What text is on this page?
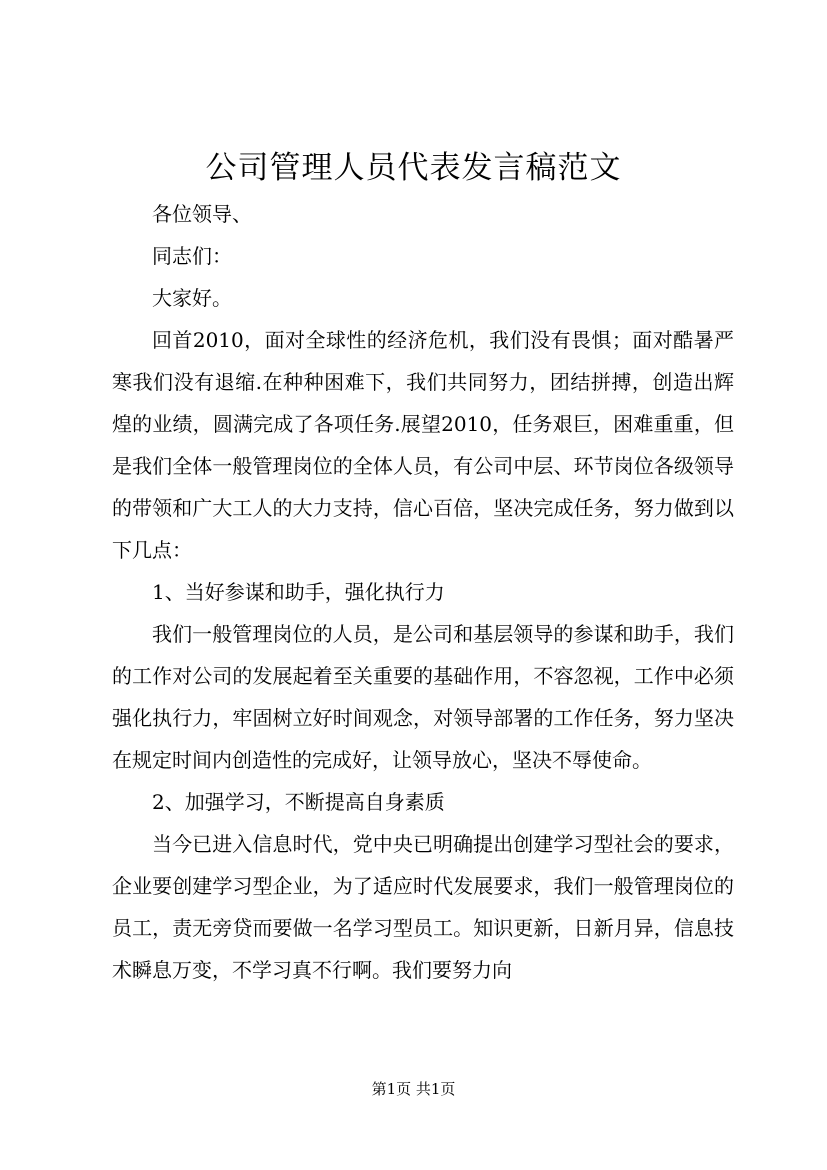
公司管理人员代表发言稿范文

各位领导、

同志们：

大家好。

回首2010，面对全球性的经济危机，我们没有畏惧；面对酷暑严寒我们没有退缩.在种种困难下，我们共同努力，团结拼搏，创造出辉煌的业绩，圆满完成了各项任务.展望2010，任务艰巨，困难重重，但是我们全体一般管理岗位的全体人员，有公司中层、环节岗位各级领导的带领和广大工人的大力支持，信心百倍，坚决完成任务，努力做到以下几点：

1、当好参谋和助手，强化执行力

我们一般管理岗位的人员，是公司和基层领导的参谋和助手，我们的工作对公司的发展起着至关重要的基础作用，不容忽视，工作中必须强化执行力，牢固树立好时间观念，对领导部署的工作任务，努力坚决在规定时间内创造性的完成好，让领导放心，坚决不辱使命。

2、加强学习，不断提高自身素质

当今已进入信息时代，党中央已明确提出创建学习型社会的要求，企业要创建学习型企业，为了适应时代发展要求，我们一般管理岗位的员工，责无旁贷而要做一名学习型员工。知识更新，日新月异，信息技术瞬息万变，不学习真不行啊。我们要努力向

第1页 共1页
